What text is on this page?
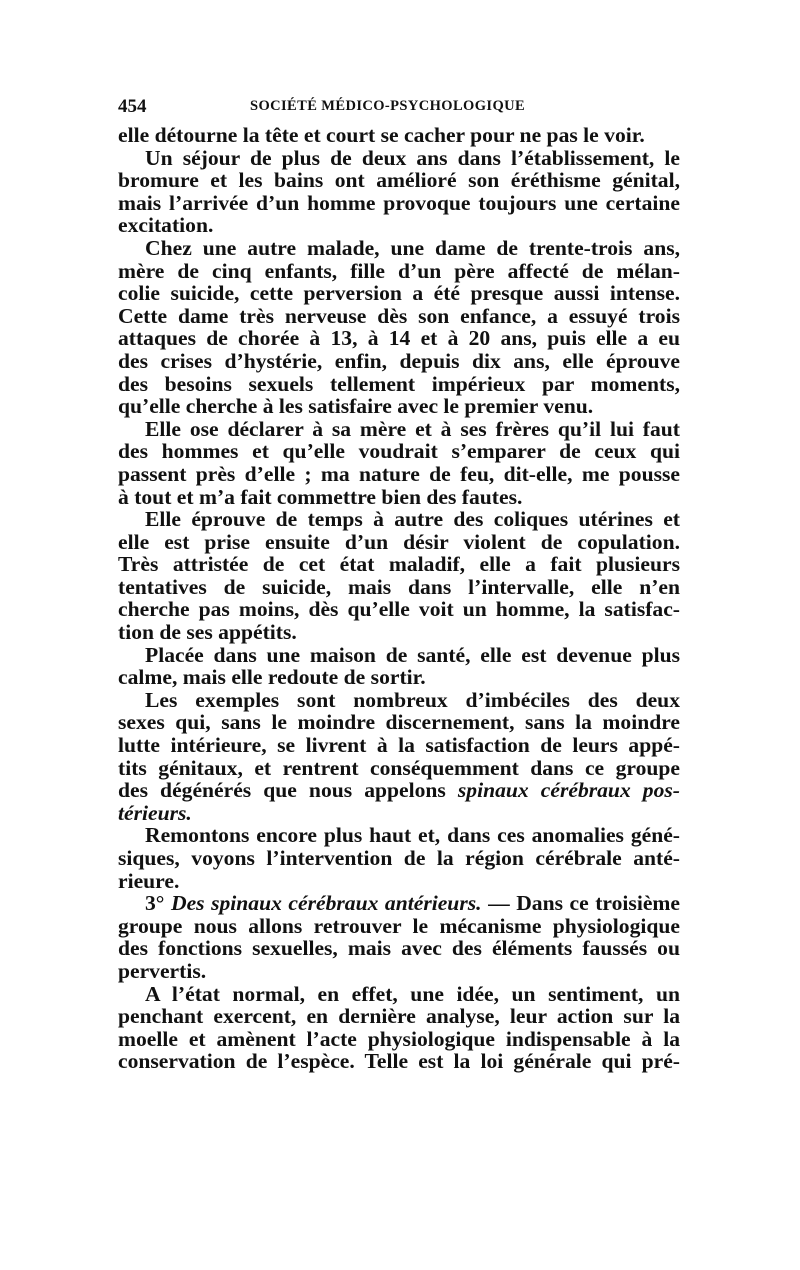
454	SOCIÉTÉ MÉDICO-PSYCHOLOGIQUE
elle détourne la tête et court se cacher pour ne pas le voir.
Un séjour de plus de deux ans dans l’établissement, le
bromure et les bains ont amélioré son éréthisme génital,
mais l’arrivée d’un homme provoque toujours une certaine
excitation.
Chez une autre malade, une dame de trente-trois ans,
mère de cinq enfants, fille d’un père affecté de mélan-
colie suicide, cette perversion a été presque aussi intense.
Cette dame très nerveuse dès son enfance, a essuyé trois
attaques de chorée à 13, à 14 et à 20 ans, puis elle a eu
des crises d’hystérie, enfin, depuis dix ans, elle éprouve
des besoins sexuels tellement impérieux par moments,
qu’elle cherche à les satisfaire avec le premier venu.
Elle ose déclarer à sa mère et à ses frères qu’il lui faut
des hommes et qu’elle voudrait s’emparer de ceux qui
passent près d’elle ; ma nature de feu, dit-elle, me pousse
à tout et m’a fait commettre bien des fautes.
Elle éprouve de temps à autre des coliques utérines et
elle est prise ensuite d’un désir violent de copulation.
Très attristée de cet état maladif, elle a fait plusieurs
tentatives de suicide, mais dans l’intervalle, elle n’en
cherche pas moins, dès qu’elle voit un homme, la satisfac-
tion de ses appétits.
Placée dans une maison de santé, elle est devenue plus
calme, mais elle redoute de sortir.
Les exemples sont nombreux d’imbéciles des deux
sexes qui, sans le moindre discernement, sans la moindre
lutte intérieure, se livrent à la satisfaction de leurs appé-
tits génitaux, et rentrent conséquemment dans ce groupe
des dégénérés que nous appelons spinaux cérébraux pos-
térieurs.
Remontons encore plus haut et, dans ces anomalies géné-
siques, voyons l’intervention de la région cérébrale anté-
rieure.
3° Des spinaux cérébraux antérieurs. — Dans ce troisième
groupe nous allons retrouver le mécanisme physiologique
des fonctions sexuelles, mais avec des éléments faussés ou
pervertis.
A l’état normal, en effet, une idée, un sentiment, un
penchant exercent, en dernière analyse, leur action sur la
moelle et amènent l’acte physiologique indispensable à la
conservation de l’espèce. Telle est la loi générale qui pré-
